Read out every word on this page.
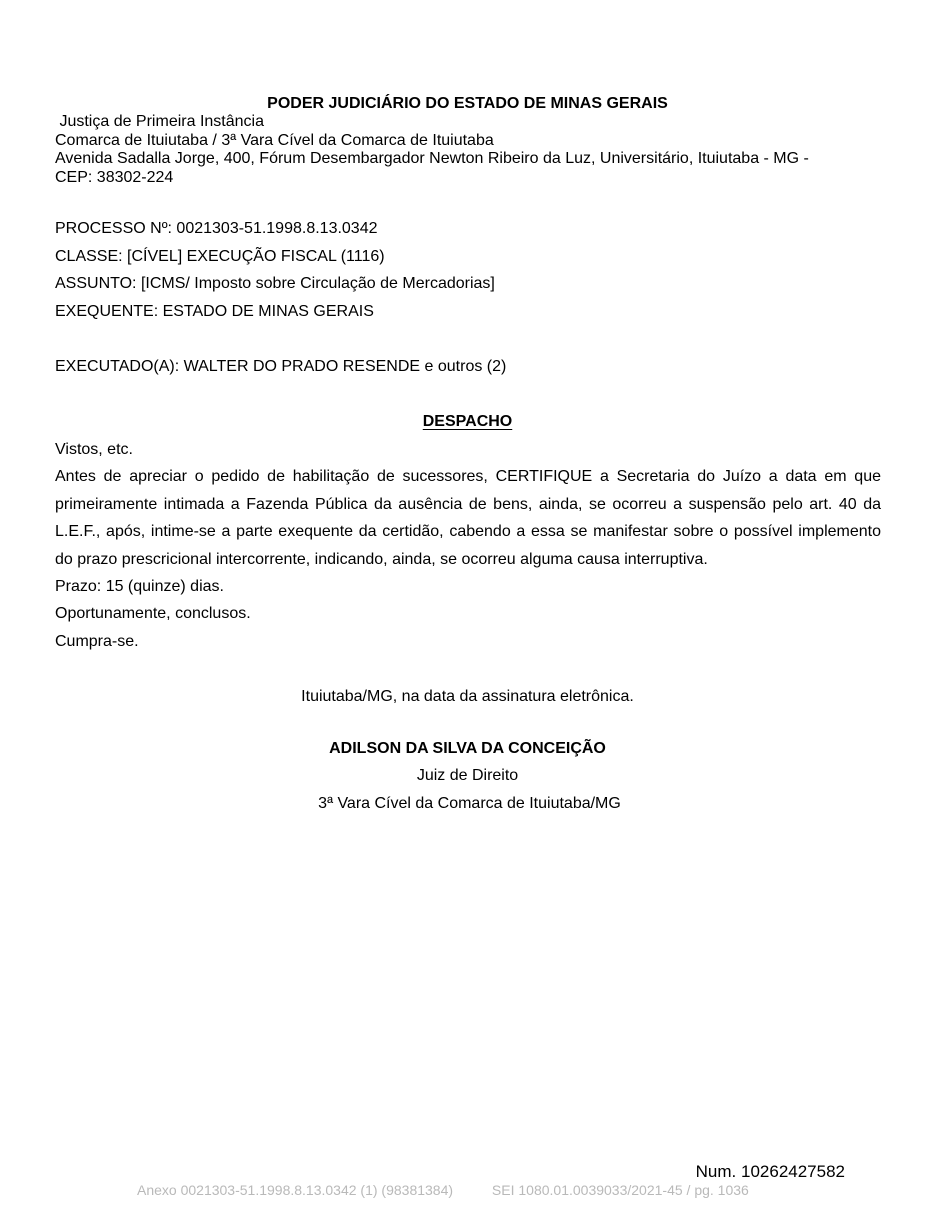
PODER JUDICIÁRIO DO ESTADO DE MINAS GERAIS
Justiça de Primeira Instância
Comarca de Ituiutaba / 3ª Vara Cível da Comarca de Ituiutaba
Avenida Sadalla Jorge, 400, Fórum Desembargador Newton Ribeiro da Luz, Universitário, Ituiutaba - MG -
CEP: 38302-224
PROCESSO Nº: 0021303-51.1998.8.13.0342
CLASSE: [CÍVEL] EXECUÇÃO FISCAL (1116)
ASSUNTO: [ICMS/ Imposto sobre Circulação de Mercadorias]
EXEQUENTE: ESTADO DE MINAS GERAIS
EXECUTADO(A): WALTER DO PRADO RESENDE e outros (2)
DESPACHO

Vistos, etc.

Antes de apreciar o pedido de habilitação de sucessores, CERTIFIQUE a Secretaria do Juízo a data em que primeiramente intimada a Fazenda Pública da ausência de bens, ainda, se ocorreu a suspensão pelo art. 40 da L.E.F., após, intime-se a parte exequente da certidão, cabendo a essa se manifestar sobre o possível implemento do prazo prescricional intercorrente, indicando, ainda, se ocorreu alguma causa interruptiva.

Prazo: 15 (quinze) dias.

Oportunamente, conclusos.

Cumpra-se.

Ituiutaba/MG, na data da assinatura eletrônica.
ADILSON DA SILVA DA CONCEIÇÃO
Juiz de Direito
3ª Vara Cível da Comarca de Ituiutaba/MG
Num. 10262427582
Anexo 0021303-51.1998.8.13.0342 (1) (98381384)          SEI 1080.01.0039033/2021-45 / pg. 1036
